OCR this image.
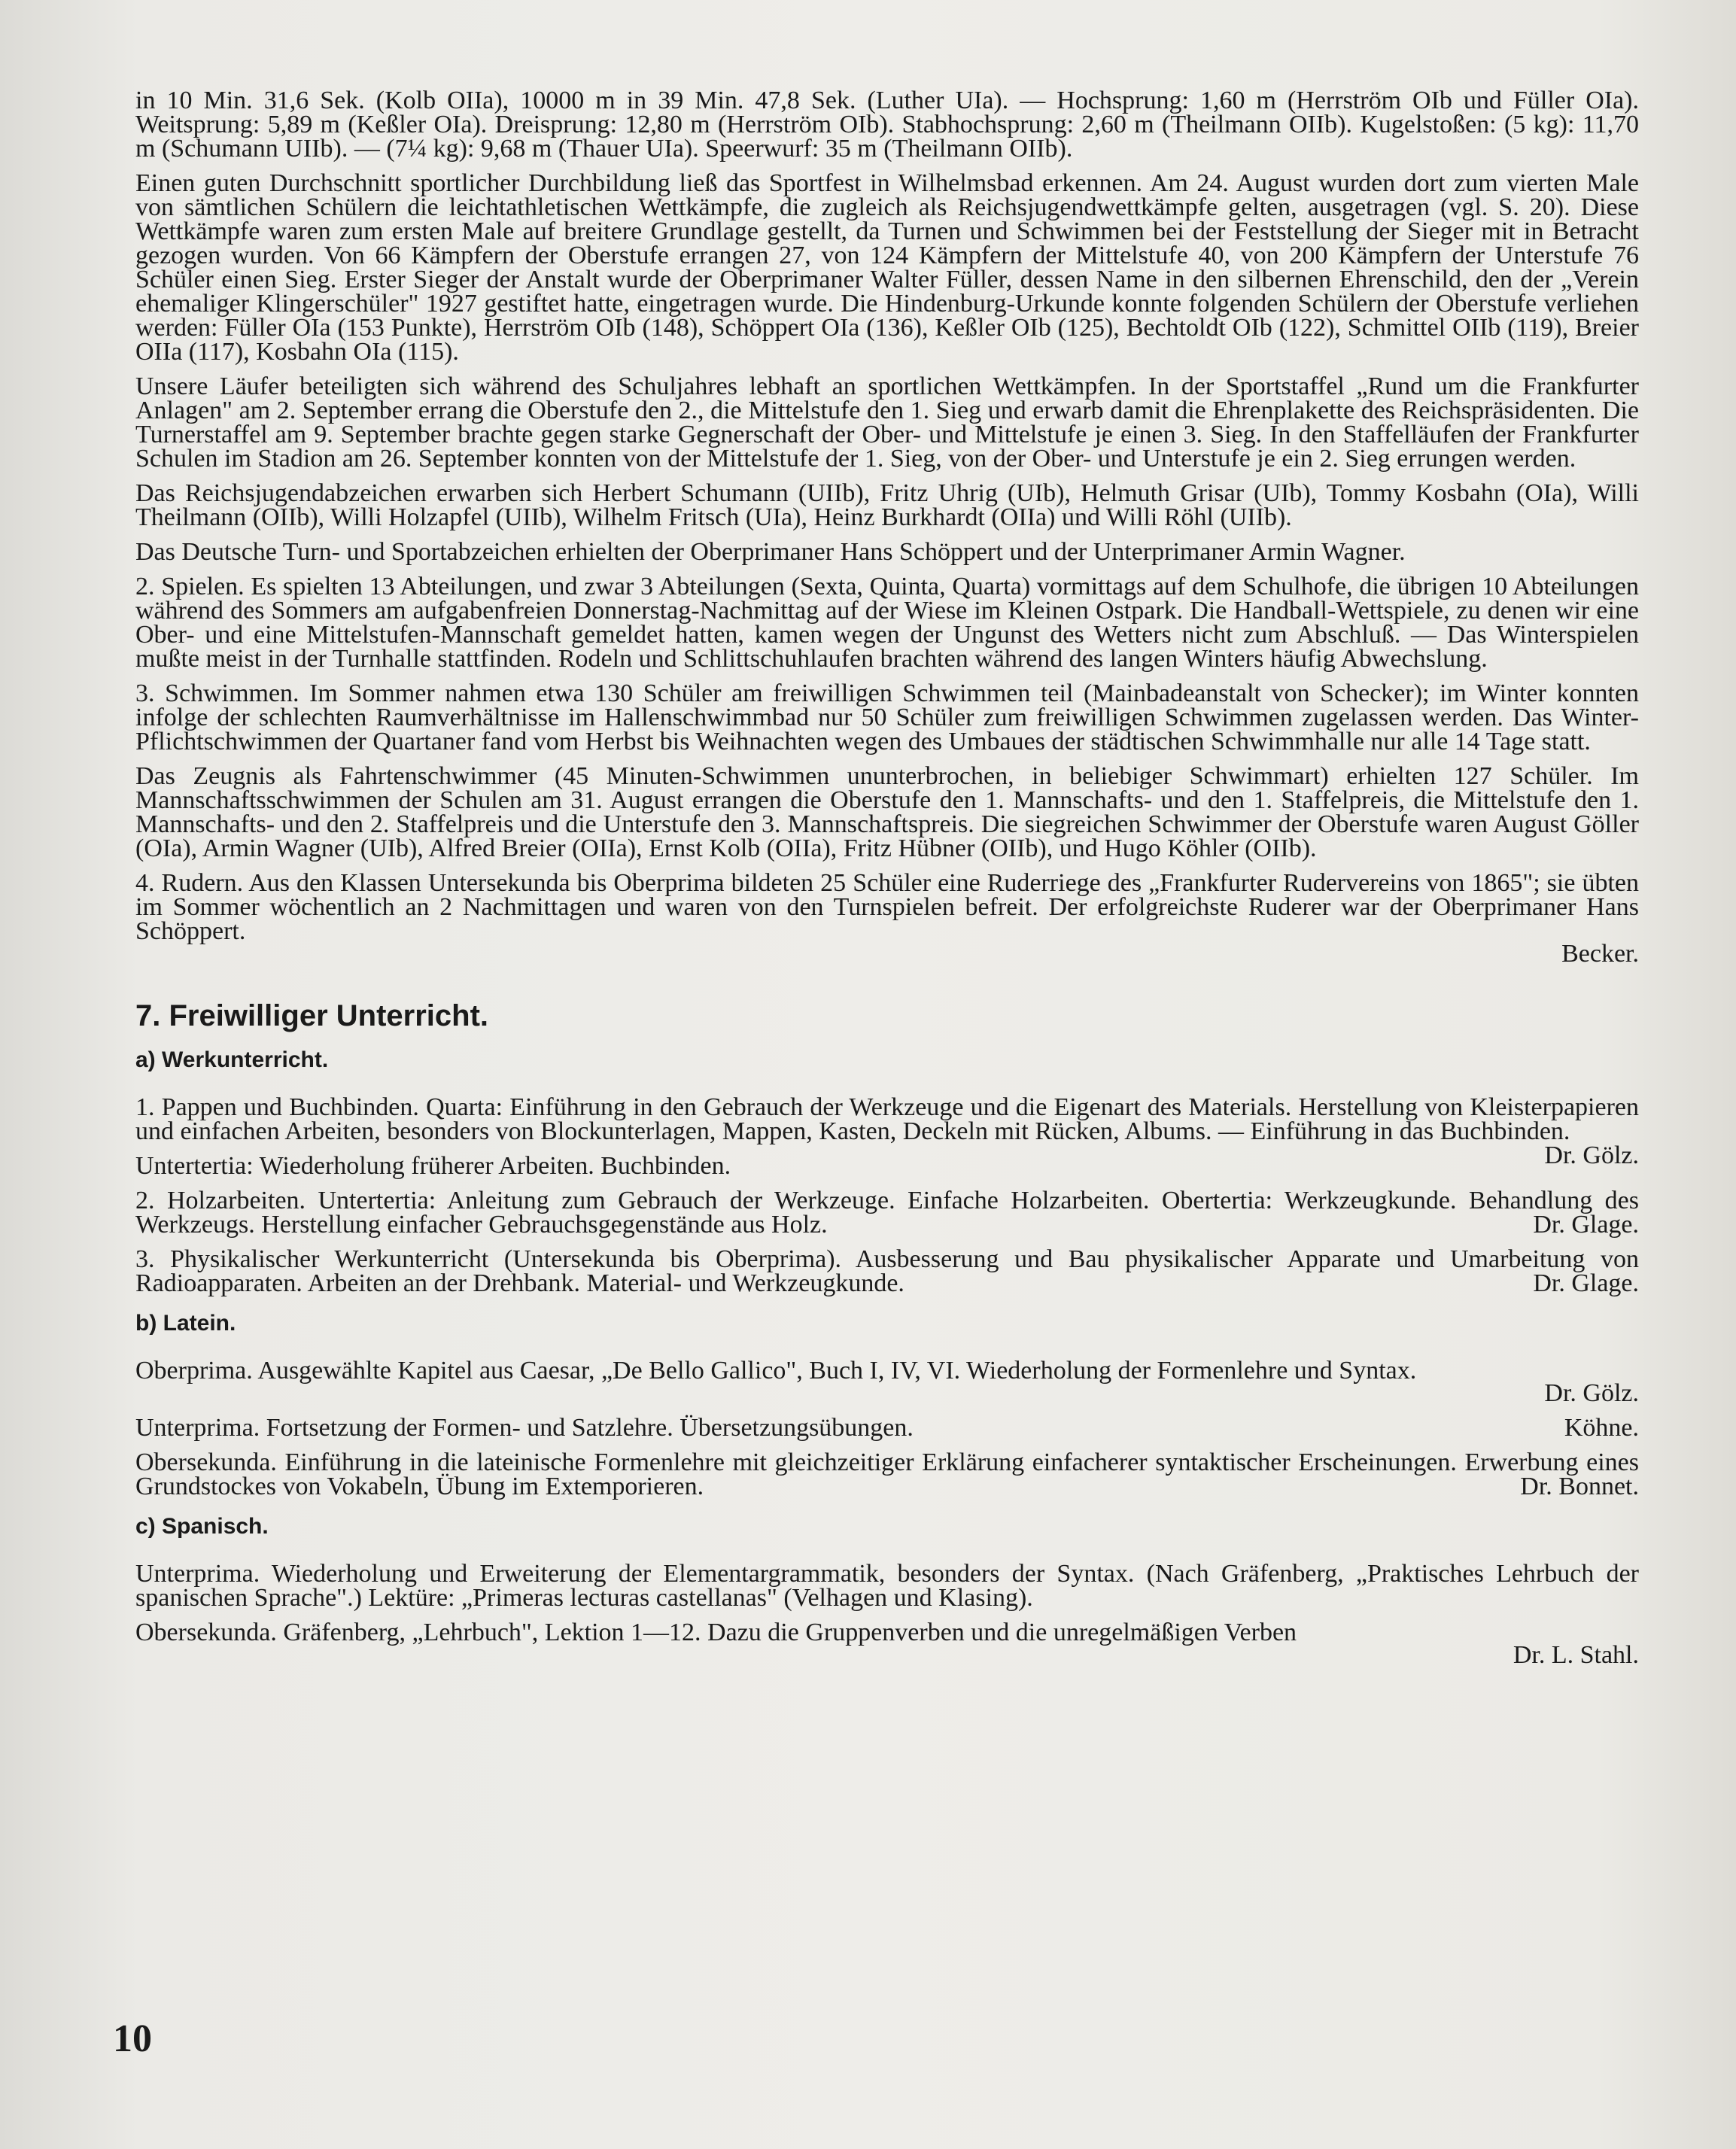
in 10 Min. 31,6 Sek. (Kolb OIIa), 10000 m in 39 Min. 47,8 Sek. (Luther UIa). — Hochsprung: 1,60 m (Herrström OIb und Füller OIa). Weitsprung: 5,89 m (Keßler OIa). Dreisprung: 12,80 m (Herrström OIb). Stabhochsprung: 2,60 m (Theilmann OIIb). Kugelstoßen: (5 kg): 11,70 m (Schumann UIIb). — (7¼ kg): 9,68 m (Thauer UIa). Speerwurf: 35 m (Theilmann OIIb).

Einen guten Durchschnitt sportlicher Durchbildung ließ das Sportfest in Wilhelmsbad erkennen. Am 24. August wurden dort zum vierten Male von sämtlichen Schülern die leichtathletischen Wettkämpfe, die zugleich als Reichsjugendwettkämpfe gelten, ausgetragen (vgl. S. 20). Diese Wettkämpfe waren zum ersten Male auf breitere Grundlage gestellt, da Turnen und Schwimmen bei der Feststellung der Sieger mit in Betracht gezogen wurden. Von 66 Kämpfern der Oberstufe errangen 27, von 124 Kämpfern der Mittelstufe 40, von 200 Kämpfern der Unterstufe 76 Schüler einen Sieg. Erster Sieger der Anstalt wurde der Oberprimaner Walter Füller, dessen Name in den silbernen Ehrenschild, den der „Verein ehemaliger Klingerschüler" 1927 gestiftet hatte, eingetragen wurde. Die Hindenburg-Urkunde konnte folgenden Schülern der Oberstufe verliehen werden: Füller OIa (153 Punkte), Herrström OIb (148), Schöppert OIa (136), Keßler OIb (125), Bechtoldt OIb (122), Schmittel OIIb (119), Breier OIIa (117), Kosbahn OIa (115).

Unsere Läufer beteiligten sich während des Schuljahres lebhaft an sportlichen Wettkämpfen. In der Sportstaffel „Rund um die Frankfurter Anlagen" am 2. September errang die Oberstufe den 2., die Mittelstufe den 1. Sieg und erwarb damit die Ehrenplakette des Reichspräsidenten. Die Turnerstaffel am 9. September brachte gegen starke Gegnerschaft der Ober- und Mittelstufe je einen 3. Sieg. In den Staffelläufen der Frankfurter Schulen im Stadion am 26. September konnten von der Mittelstufe der 1. Sieg, von der Ober- und Unterstufe je ein 2. Sieg errungen werden.

Das Reichsjugendabzeichen erwarben sich Herbert Schumann (UIIb), Fritz Uhrig (UIb), Helmuth Grisar (UIb), Tommy Kosbahn (OIa), Willi Theilmann (OIIb), Willi Holzapfel (UIIb), Wilhelm Fritsch (UIa), Heinz Burkhardt (OIIa) und Willi Röhl (UIIb).

Das Deutsche Turn- und Sportabzeichen erhielten der Oberprimaner Hans Schöppert und der Unterprimaner Armin Wagner.

2. Spielen. Es spielten 13 Abteilungen, und zwar 3 Abteilungen (Sexta, Quinta, Quarta) vormittags auf dem Schulhofe, die übrigen 10 Abteilungen während des Sommers am aufgabenfreien Donnerstag-Nachmittag auf der Wiese im Kleinen Ostpark. Die Handball-Wettspiele, zu denen wir eine Ober- und eine Mittelstufen-Mannschaft gemeldet hatten, kamen wegen der Ungunst des Wetters nicht zum Abschluß. — Das Winterspielen mußte meist in der Turnhalle stattfinden. Rodeln und Schlittschuhlaufen brachten während des langen Winters häufig Abwechslung.

3. Schwimmen. Im Sommer nahmen etwa 130 Schüler am freiwilligen Schwimmen teil (Mainbadeanstalt von Schecker); im Winter konnten infolge der schlechten Raumverhältnisse im Hallenschwimmbad nur 50 Schüler zum freiwilligen Schwimmen zugelassen werden. Das Winter-Pflichtschwimmen der Quartaner fand vom Herbst bis Weihnachten wegen des Umbaues der städtischen Schwimmhalle nur alle 14 Tage statt.

Das Zeugnis als Fahrtenschwimmer (45 Minuten-Schwimmen ununterbrochen, in beliebiger Schwimmart) erhielten 127 Schüler. Im Mannschaftsschwimmen der Schulen am 31. August errangen die Oberstufe den 1. Mannschafts- und den 1. Staffelpreis, die Mittelstufe den 1. Mannschafts- und den 2. Staffelpreis und die Unterstufe den 3. Mannschaftspreis. Die siegreichen Schwimmer der Oberstufe waren August Göller (OIa), Armin Wagner (UIb), Alfred Breier (OIIa), Ernst Kolb (OIIa), Fritz Hübner (OIIb), und Hugo Köhler (OIIb).

4. Rudern. Aus den Klassen Untersekunda bis Oberprima bildeten 25 Schüler eine Ruderriege des „Frankfurter Rudervereins von 1865"; sie übten im Sommer wöchentlich an 2 Nachmittagen und waren von den Turnspielen befreit. Der erfolgreichste Ruderer war der Oberprimaner Hans Schöppert.
Becker.

7. Freiwilliger Unterricht.
a) Werkunterricht.

1. Pappen und Buchbinden. Quarta: Einführung in den Gebrauch der Werkzeuge und die Eigenart des Materials. Herstellung von Kleisterpapieren und einfachen Arbeiten, besonders von Blockunterlagen, Mappen, Kasten, Deckeln mit Rücken, Albums. — Einführung in das Buchbinden.
Dr. Gölz.

Untertertia: Wiederholung früherer Arbeiten. Buchbinden.

2. Holzarbeiten. Untertertia: Anleitung zum Gebrauch der Werkzeuge. Einfache Holzarbeiten. Obertertia: Werkzeugkunde. Behandlung des Werkzeugs. Herstellung einfacher Gebrauchsgegenstände aus Holz.	Dr. Glage.

3. Physikalischer Werkunterricht (Untersekunda bis Oberprima). Ausbesserung und Bau physikalischer Apparate und Umarbeitung von Radioapparaten. Arbeiten an der Drehbank. Material- und Werkzeugkunde.	Dr. Glage.

b) Latein.

Oberprima. Ausgewählte Kapitel aus Caesar, „De Bello Gallico", Buch I, IV, VI. Wiederholung der Formenlehre und Syntax.
Dr. Gölz.

Unterprima. Fortsetzung der Formen- und Satzlehre. Übersetzungsübungen.	Köhne.

Obersekunda. Einführung in die lateinische Formenlehre mit gleichzeitiger Erklärung einfacherer syntaktischer Erscheinungen. Erwerbung eines Grundstockes von Vokabeln, Übung im Extemporieren.	Dr. Bonnet.

c) Spanisch.

Unterprima. Wiederholung und Erweiterung der Elementargrammatik, besonders der Syntax. (Nach Gräfenberg, „Praktisches Lehrbuch der spanischen Sprache".) Lektüre: „Primeras lecturas castellanas" (Velhagen und Klasing).

Obersekunda. Gräfenberg, „Lehrbuch", Lektion 1—12. Dazu die Gruppenverben und die unregelmäßigen Verben
Dr. L. Stahl.

10
